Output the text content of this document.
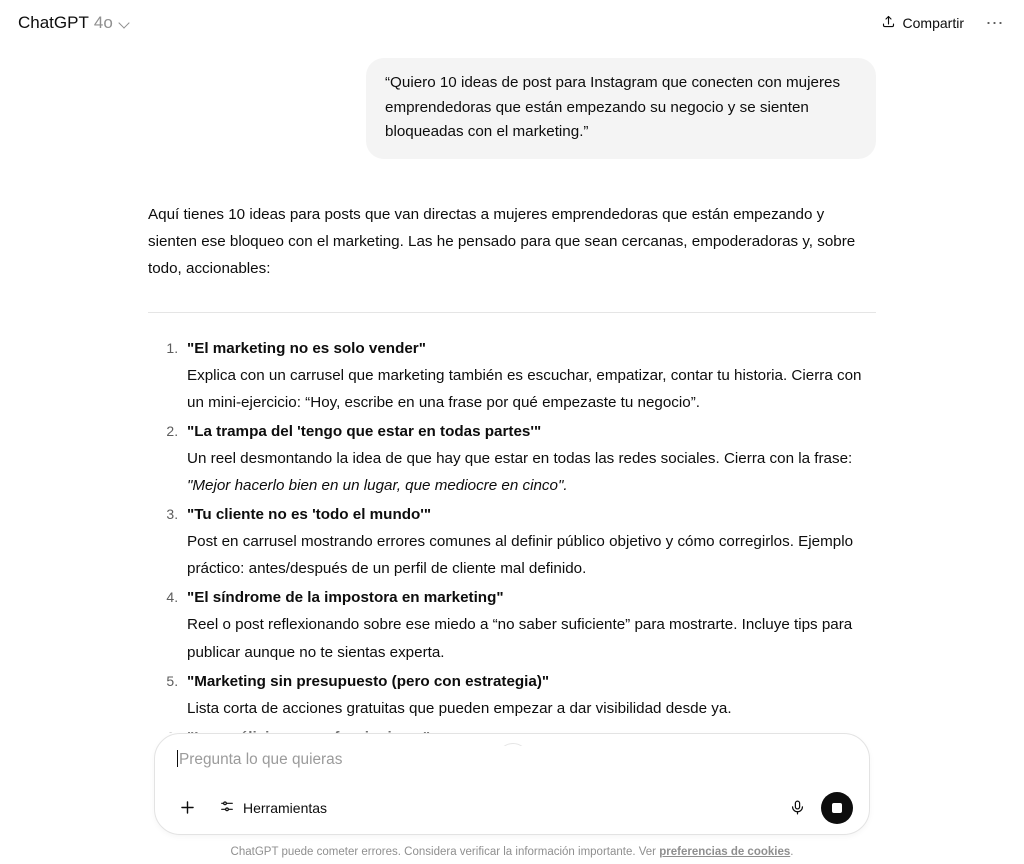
ChatGPT 4o	Compartir ⋯
“Quiero 10 ideas de post para Instagram que conecten con mujeres emprendedoras que están empezando su negocio y se sienten bloqueadas con el marketing.”

Aquí tienes 10 ideas para posts que van directas a mujeres emprendedoras que están empezando y sienten ese bloqueo con el marketing. Las he pensado para que sean cercanas, empoderadoras y, sobre todo, accionables:

1. "El marketing no es solo vender"
Explica con un carrusel que marketing también es escuchar, empatizar, contar tu historia. Cierra con un mini-ejercicio: “Hoy, escribe en una frase por qué empezaste tu negocio”.
2. "La trampa del 'tengo que estar en todas partes'"
Un reel desmontando la idea de que hay que estar en todas las redes sociales. Cierra con la frase: "Mejor hacerlo bien en un lugar, que mediocre en cinco".
3. "Tu cliente no es 'todo el mundo'"
Post en carrusel mostrando errores comunes al definir público objetivo y cómo corregirlos. Ejemplo práctico: antes/después de un perfil de cliente mal definido.
4. "El síndrome de la impostora en marketing"
Reel o post reflexionando sobre ese miedo a “no saber suficiente” para mostrarte. Incluye tips para publicar aunque no te sientas experta.
5. "Marketing sin presupuesto (pero con estrategia)"
Lista corta de acciones gratuitas que pueden empezar a dar visibilidad desde ya.
6.

Pregunta lo que quieras
Herramientas
ChatGPT puede cometer errores. Considera verificar la información importante. Ver preferencias de cookies.
